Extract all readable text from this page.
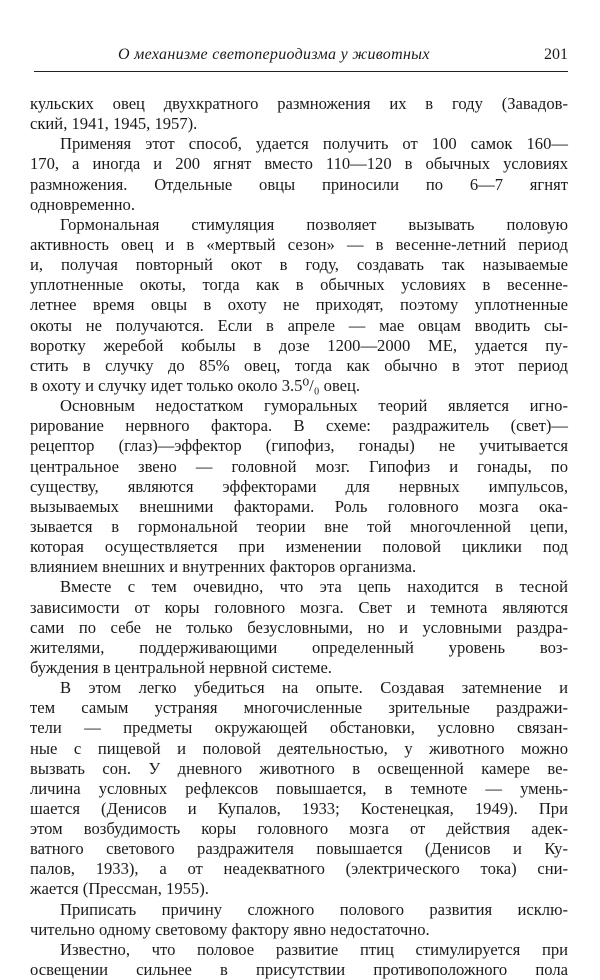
О механизме светопериодизма у животных	201
кульских овец двухкратного размножения их в году (Завадов-
ский, 1941, 1945, 1957).
Применяя этот способ, удается получить от 100 самок 160—
170, а иногда и 200 ягнят вместо 110—120 в обычных условиях
размножения. Отдельные овцы приносили по 6—7 ягнят
одновременно.
Гормональная стимуляция позволяет вызывать половую
активность овец и в «мертвый сезон» — в весенне-летний период
и, получая повторный окот в году, создавать так называемые
уплотненные окоты, тогда как в обычных условиях в весенне-
летнее время овцы в охоту не приходят, поэтому уплотненные
окоты не получаются. Если в апреле — мае овцам вводить сы-
воротку жеребой кобылы в дозе 1200—2000 МЕ, удается пу-
стить в случку до 85% овец, тогда как обычно в этот период
в охоту и случку идет только около 3.5⁰/₀ овец.
Основным недостатком гуморальных теорий является игно-
рирование нервного фактора. В схеме: раздражитель (свет)—
рецептор (глаз)—эффектор (гипофиз, гонады) не учитывается
центральное звено — головной мозг. Гипофиз и гонады, по
существу, являются эффекторами для нервных импульсов,
вызываемых внешними факторами. Роль головного мозга ока-
зывается в гормональной теории вне той многочленной цепи,
которая осуществляется при изменении половой циклики под
влиянием внешних и внутренних факторов организма.
Вместе с тем очевидно, что эта цепь находится в тесной
зависимости от коры головного мозга. Свет и темнота являются
сами по себе не только безусловными, но и условными раздра-
жителями, поддерживающими определенный уровень воз-
буждения в центральной нервной системе.
В этом легко убедиться на опыте. Создавая затемнение и
тем самым устраняя многочисленные зрительные раздражи-
тели — предметы окружающей обстановки, условно связан-
ные с пищевой и половой деятельностью, у животного можно
вызвать сон. У дневного животного в освещенной камере ве-
личина условных рефлексов повышается, в темноте — умень-
шается (Денисов и Купалов, 1933; Костенецкая, 1949). При
этом возбудимость коры головного мозга от действия адек-
ватного светового раздражителя повышается (Денисов и Ку-
палов, 1933), а от неадекватного (электрического тока) сни-
жается (Прессман, 1955).
Приписать причину сложного полового развития исклю-
чительно одному световому фактору явно недостаточно.
Известно, что половое развитие птиц стимулируется при
освещении сильнее в присутствии противоположного пола
